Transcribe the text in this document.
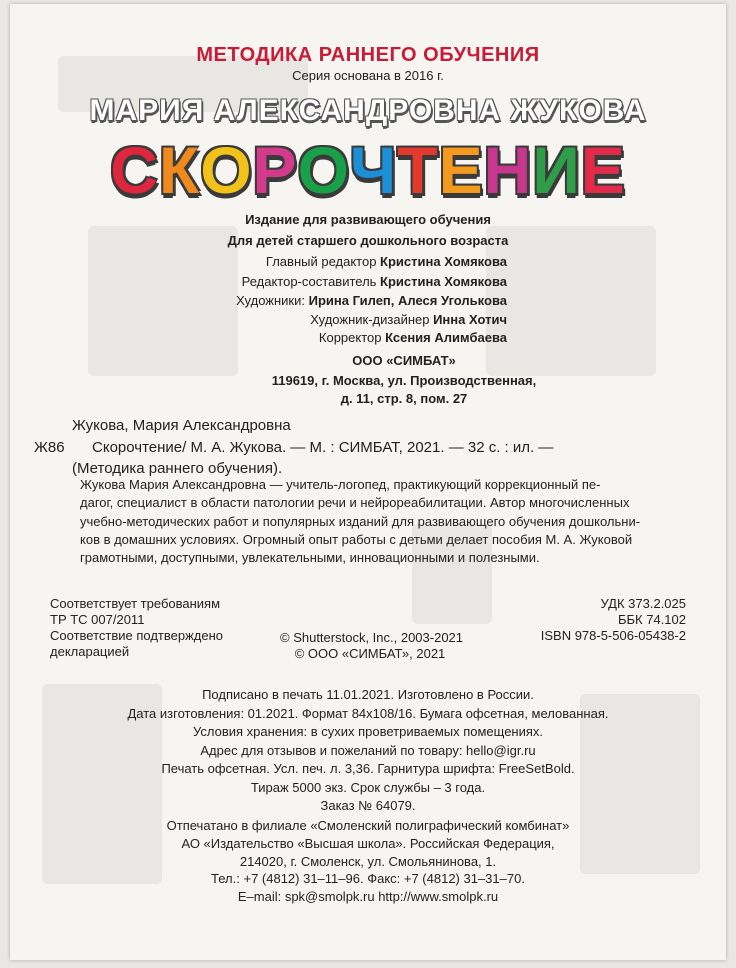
МЕТОДИКА РАННЕГО ОБУЧЕНИЯ
Серия основана в 2016 г.
МАРИЯ АЛЕКСАНДРОВНА ЖУКОВА
СКОРОЧТЕНИЕ
Издание для развивающего обучения
Для детей старшего дошкольного возраста
Главный редактор Кристина Хомякова
Редактор-составитель Кристина Хомякова
Художники: Ирина Гилеп, Алеся Уголькова
Художник-дизайнер Инна Хотич
Корректор Ксения Алимбаева
ООО «СИМБАТ»
119619, г. Москва, ул. Производственная,
д. 11, стр. 8, пом. 27
Жукова, Мария Александровна
Ж86 Скорочтение/ М. А. Жукова. — М. : СИМБАТ, 2021. — 32 с. : ил. —
(Методика раннего обучения).

Жукова Мария Александровна — учитель-логопед, практикующий коррекционный пе-

дагог, специалист в области патологии речи и нейрореабилитации. Автор многочисленных

учебно-методических работ и популярных изданий для развивающего обучения дошкольни-

ков в домашних условиях. Огромный опыт работы с детьми делает пособия М. А. Жуковой

грамотными, доступными, увлекательными, инновационными и полезными.

Соответствует требованиям
ТР ТС 007/2011
Соответствие подтверждено
декларацией
© Shutterstock, Inc., 2003-2021
© ООО «СИМБАТ», 2021
УДК 373.2.025
ББК 74.102
ISBN 978-5-506-05438-2
Подписано в печать 11.01.2021. Изготовлено в России.
Дата изготовления: 01.2021. Формат 84х108/16. Бумага офсетная, мелованная.
Условия хранения: в сухих проветриваемых помещениях.
Адрес для отзывов и пожеланий по товару: hello@igr.ru
Печать офсетная. Усл. печ. л. 3,36. Гарнитура шрифта: FreeSetBold.
Тираж 5000 экз. Срок службы – 3 года.
Заказ № 64079.
Отпечатано в филиале «Смоленский полиграфический комбинат»
АО «Издательство «Высшая школа». Российская Федерация,
214020, г. Смоленск, ул. Смольянинова, 1.
Тел.: +7 (4812) 31–11–96. Факс: +7 (4812) 31–31–70.
E–mail: spk@smolpk.ru http://www.smolpk.ru
